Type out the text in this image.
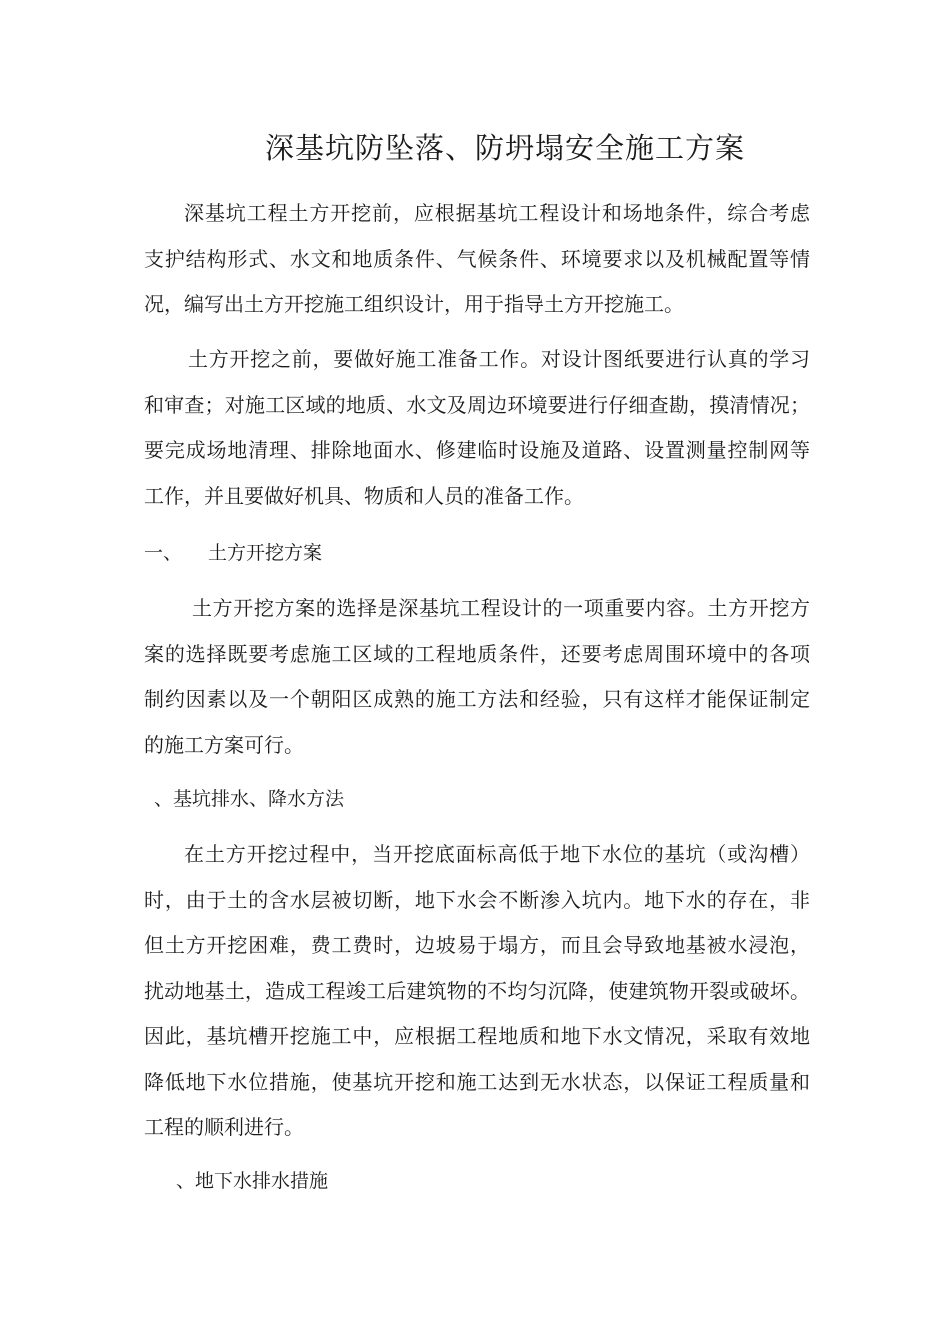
深基坑防坠落、防坍塌安全施工方案
深基坑工程土方开挖前，应根据基坑工程设计和场地条件，综合考虑
支护结构形式、水文和地质条件、气候条件、环境要求以及机械配置等情
况，编写出土方开挖施工组织设计，用于指导土方开挖施工。
土方开挖之前，要做好施工准备工作。对设计图纸要进行认真的学习
和审查；对施工区域的地质、水文及周边环境要进行仔细查勘，摸清情况；
要完成场地清理、排除地面水、修建临时设施及道路、设置测量控制网等
工作，并且要做好机具、物质和人员的准备工作。
一、 土方开挖方案
土方开挖方案的选择是深基坑工程设计的一项重要内容。土方开挖方
案的选择既要考虑施工区域的工程地质条件，还要考虑周围环境中的各项
制约因素以及一个朝阳区成熟的施工方法和经验，只有这样才能保证制定
的施工方案可行。
、基坑排水、降水方法
在土方开挖过程中，当开挖底面标高低于地下水位的基坑（或沟槽）
时，由于土的含水层被切断，地下水会不断渗入坑内。地下水的存在，非
但土方开挖困难，费工费时，边坡易于塌方，而且会导致地基被水浸泡，
扰动地基土，造成工程竣工后建筑物的不均匀沉降，使建筑物开裂或破坏。
因此，基坑槽开挖施工中，应根据工程地质和地下水文情况，采取有效地
降低地下水位措施，使基坑开挖和施工达到无水状态，以保证工程质量和
工程的顺利进行。
、地下水排水措施
